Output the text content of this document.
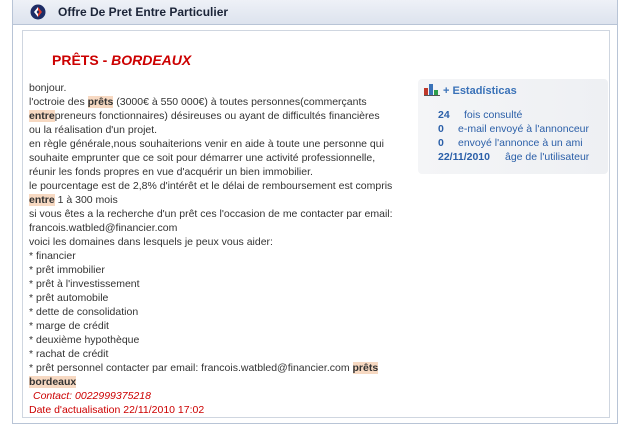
Offre De Pret Entre Particulier
PRÊTS - BORDEAUX
bonjour.
l'octroie des prêts (3000€ à 550 000€) à toutes personnes(commerçants
entrepreneurs fonctionnaires) désireuses ou ayant de difficultés financières
ou la réalisation d'un projet.
en règle générale,nous souhaiterions venir en aide à toute une personne qui
souhaite emprunter que ce soit pour démarrer une activité professionnelle,
réunir les fonds propres en vue d'acquérir un bien immobilier.
le pourcentage est de 2,8% d'intérêt et le délai de remboursement est compris
entre 1 à 300 mois
si vous êtes a la recherche d'un prêt ces l'occasion de me contacter par email:
francois.watbled@financier.com
voici les domaines dans lesquels je peux vous aider:
* financier
* prêt immobilier
* prêt à l'investissement
* prêt automobile
* dette de consolidation
* marge de crédit
* deuxième hypothèque
* rachat de crédit
* prêt personnel contacter par email: francois.watbled@financier.com prêts
bordeaux
Contact: 0022999375218
Date d'actualisation 22/11/2010 17:02
+ Estadísticas
24 fois consulté
0 e-mail envoyé à l'annonceur
0 envoyé l'annonce à un ami
22/11/2010 âge de l'utilisateur
